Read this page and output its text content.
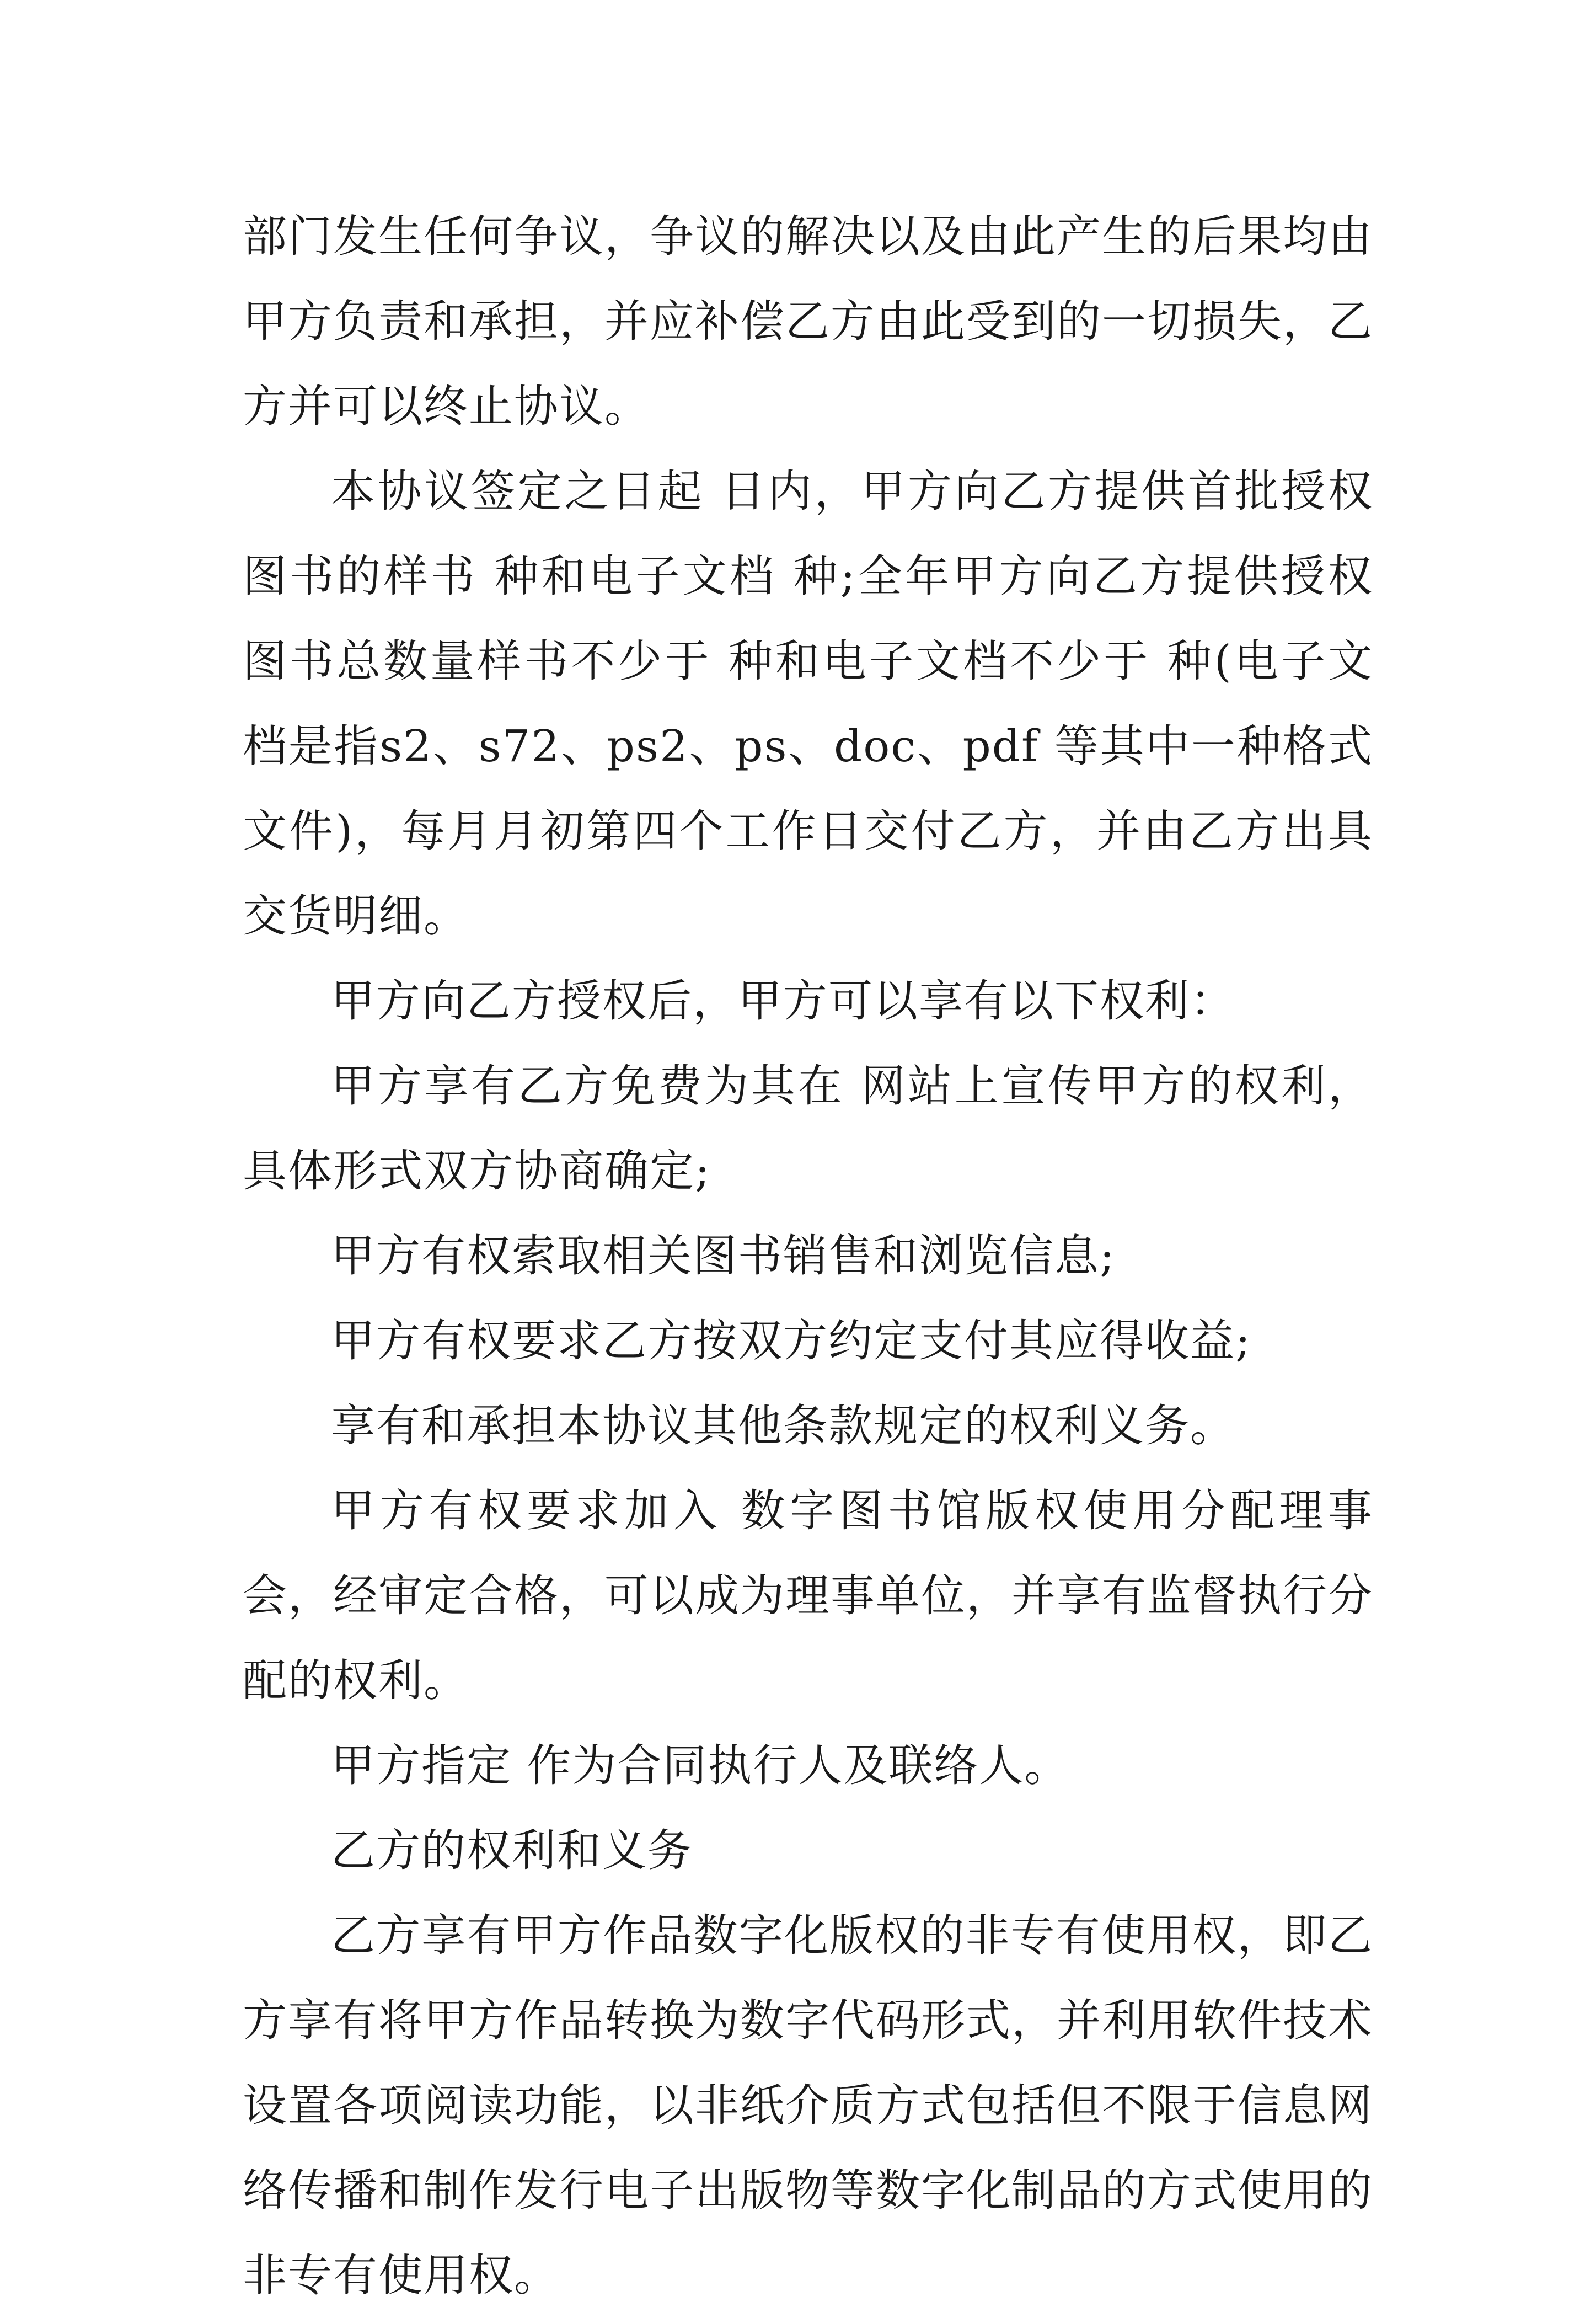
部门发生任何争议，争议的解决以及由此产生的后果均由甲方负责和承担，并应补偿乙方由此受到的一切损失，乙方并可以终止协议。

本协议签定之日起 日内，甲方向乙方提供首批授权图书的样书 种和电子文档 种;全年甲方向乙方提供授权图书总数量样书不少于 种和电子文档不少于 种(电子文档是指s2、s72、ps2、ps、doc、pdf 等其中一种格式文件)，每月月初第四个工作日交付乙方，并由乙方出具交货明细。

甲方向乙方授权后，甲方可以享有以下权利：

甲方享有乙方免费为其在 网站上宣传甲方的权利，具体形式双方协商确定;

甲方有权索取相关图书销售和浏览信息;

甲方有权要求乙方按双方约定支付其应得收益;

享有和承担本协议其他条款规定的权利义务。

甲方有权要求加入 数字图书馆版权使用分配理事会，经审定合格，可以成为理事单位，并享有监督执行分配的权利。

甲方指定 作为合同执行人及联络人。

乙方的权利和义务

乙方享有甲方作品数字化版权的非专有使用权，即乙方享有将甲方作品转换为数字代码形式，并利用软件技术设置各项阅读功能，以非纸介质方式包括但不限于信息网络传播和制作发行电子出版物等数字化制品的方式使用的非专有使用权。
